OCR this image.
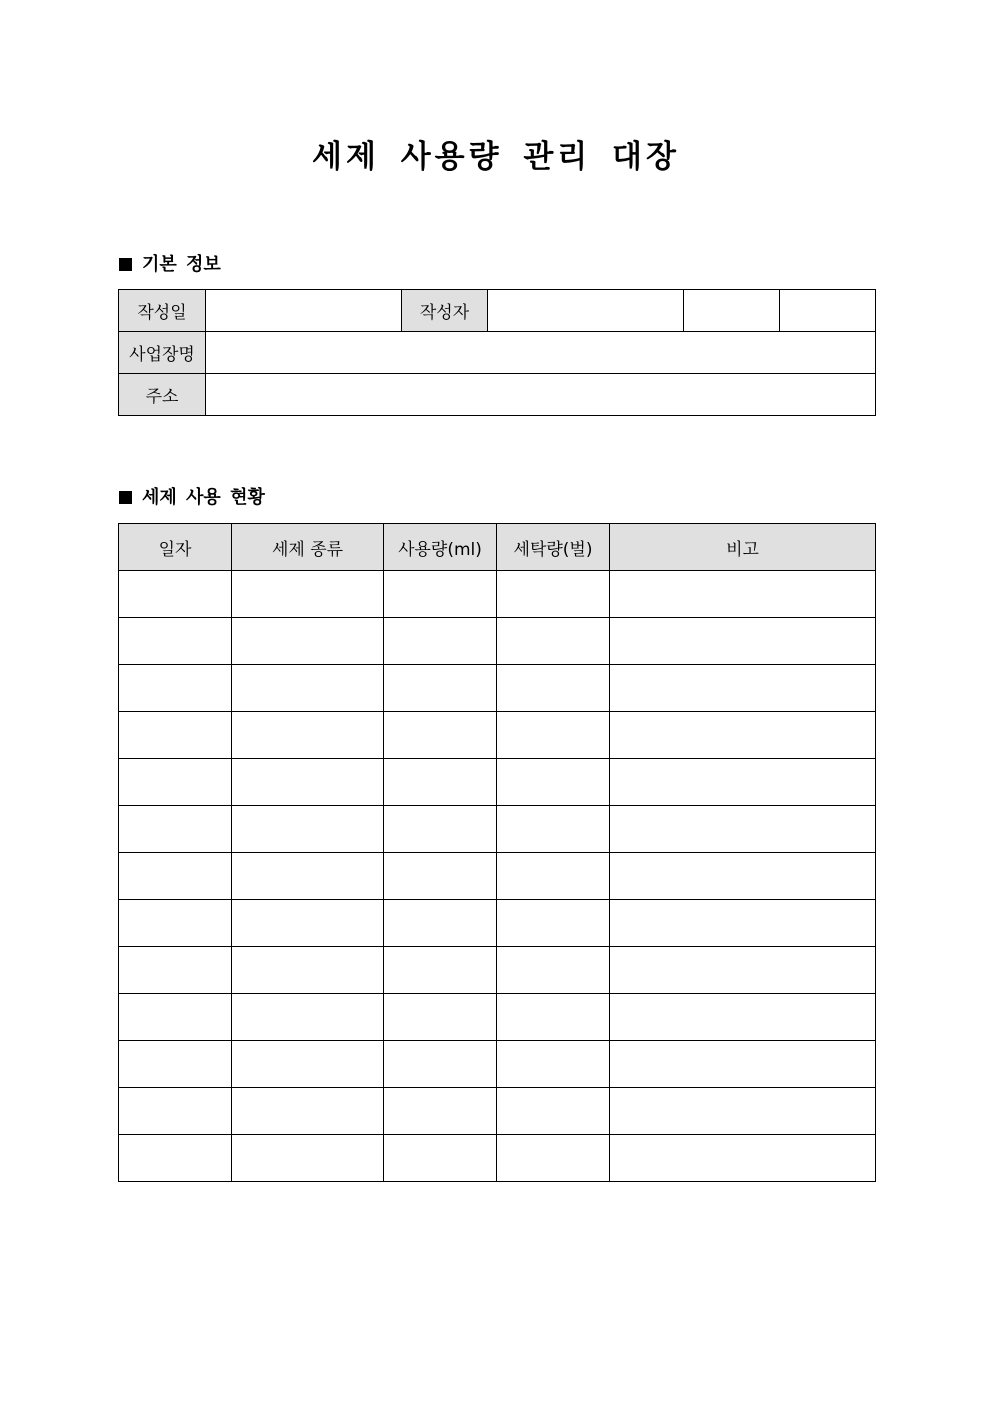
세제 사용량 관리 대장
기본 정보
작성일		작성자			
사업장명					
주소					
세제 사용 현황
일자	세제 종류	사용량(ml)	세탁량(벌)	비고
